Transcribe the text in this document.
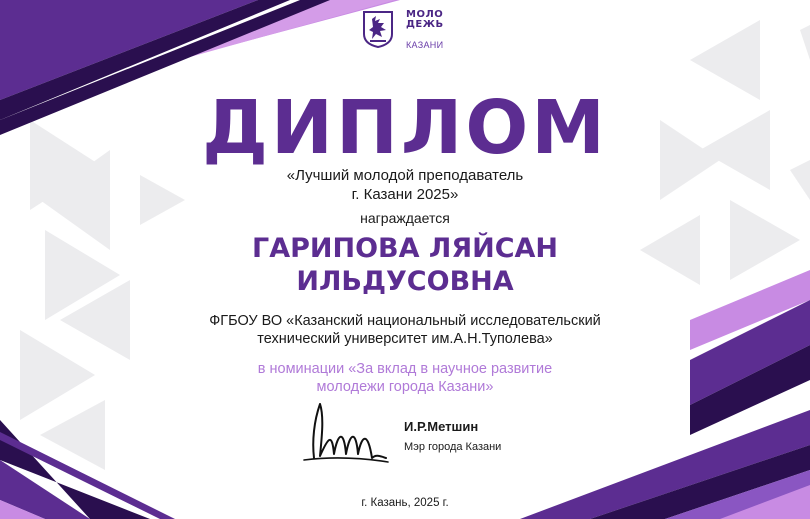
МОЛО
ДЕЖЬ
КАЗАНИ
ДИПЛОМ
«Лучший молодой преподаватель
г. Казани 2025»
награждается
ГАРИПОВА ЛЯЙСАН
ИЛЬДУСОВНА
ФГБОУ ВО «Казанский национальный исследовательский
технический университет им.А.Н.Туполева»
в номинации «За вклад в научное развитие
молодежи города Казани»
И.Р.Метшин
Мэр города Казани
г. Казань, 2025 г.
